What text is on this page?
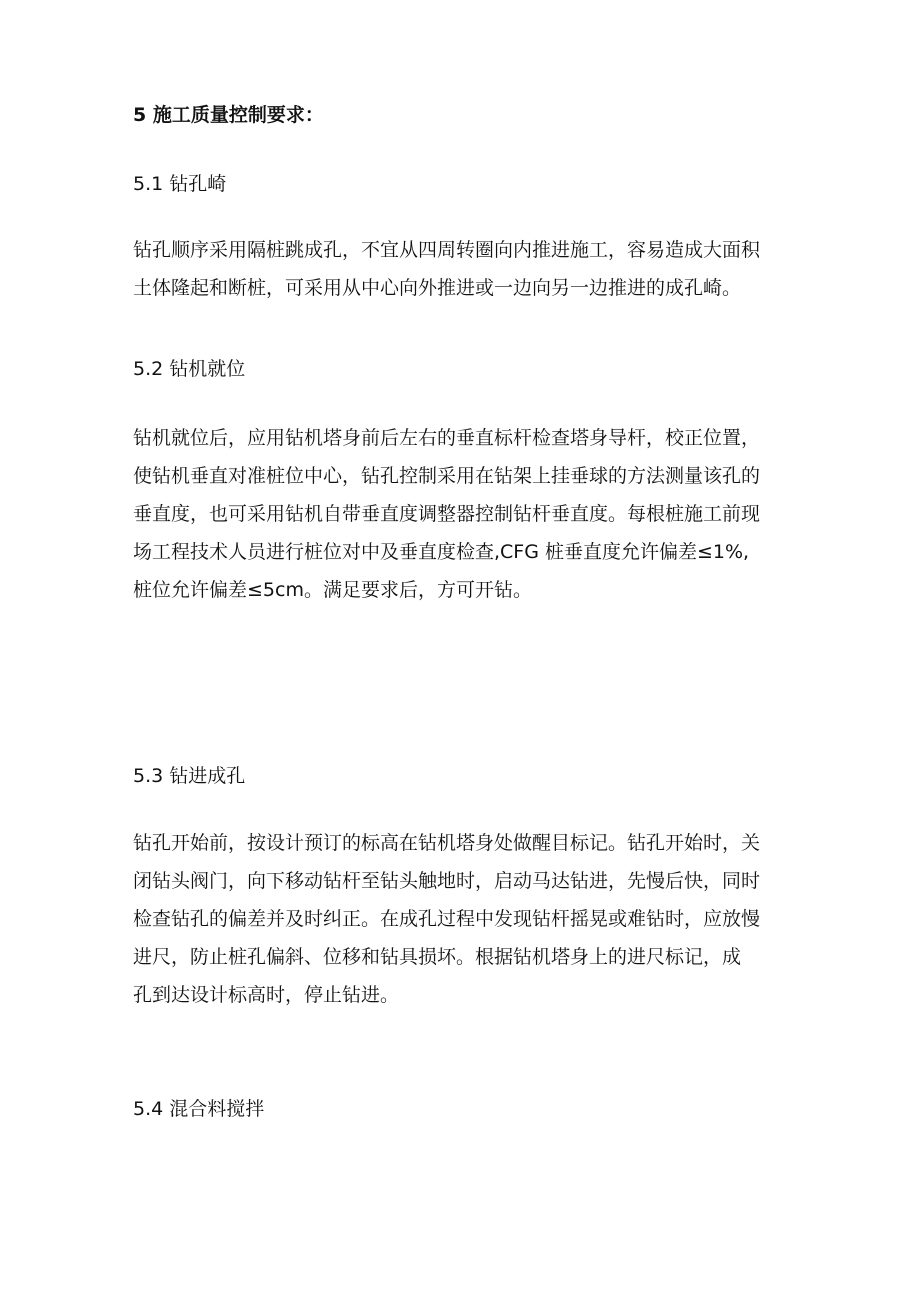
5 施工质量控制要求：
5.1 钻孔崎
钻孔顺序采用隔桩跳成孔，不宜从四周转圈向内推进施工，容易造成大面积
土体隆起和断桩，可采用从中心向外推进或一边向另一边推进的成孔崎。
5.2 钻机就位
钻机就位后，应用钻机塔身前后左右的垂直标杆检查塔身导杆，校正位置，
使钻机垂直对准桩位中心，钻孔控制采用在钻架上挂垂球的方法测量该孔的
垂直度，也可采用钻机自带垂直度调整器控制钻杆垂直度。每根桩施工前现
场工程技术人员进行桩位对中及垂直度检查,CFG 桩垂直度允许偏差≤1%,
桩位允许偏差≤5cm。满足要求后，方可开钻。
5.3 钻进成孔
钻孔开始前，按设计预订的标高在钻机塔身处做醒目标记。钻孔开始时，关
闭钻头阀门，向下移动钻杆至钻头触地时，启动马达钻进，先慢后快，同时
检查钻孔的偏差并及时纠正。在成孔过程中发现钻杆摇晃或难钻时，应放慢
进尺，防止桩孔偏斜、位移和钻具损坏。根据钻机塔身上的进尺标记，成
孔到达设计标高时，停止钻进。
5.4 混合料搅拌
